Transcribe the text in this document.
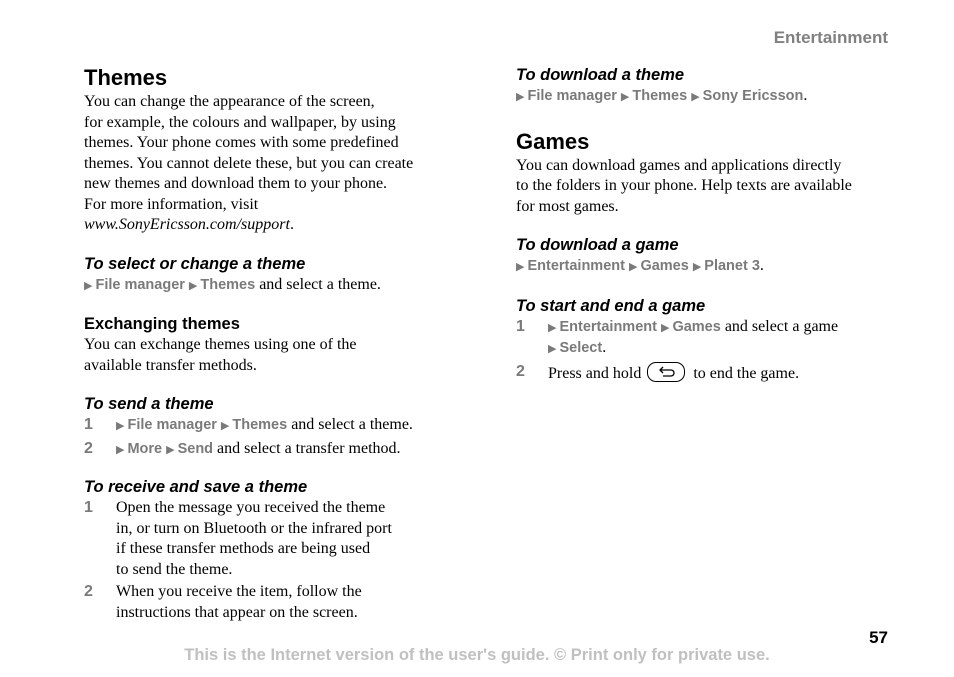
Entertainment
Themes

You can change the appearance of the screen,

for example, the colours and wallpaper, by using

themes. Your phone comes with some predefined

themes. You cannot delete these, but you can create

new themes and download them to your phone.

For more information, visit

www.SonyEricsson.com/support.

To select or change a theme

▶ File manager ▶ Themes and select a theme.

Exchanging themes

You can exchange themes using one of the

available transfer methods.

To send a theme
1	▶ File manager ▶ Themes and select a theme.
2	▶ More ▶ Send and select a transfer method.
To receive and save a theme
1	Open the message you received the theme

in, or turn on Bluetooth or the infrared port

if these transfer methods are being used

to send the theme.

2	When you receive the item, follow the

instructions that appear on the screen.

To download a theme

▶ File manager ▶ Themes ▶ Sony Ericsson.

Games

You can download games and applications directly

to the folders in your phone. Help texts are available

for most games.

To download a game

▶ Entertainment ▶ Games ▶ Planet 3.

To start and end a game
1	▶ Entertainment ▶ Games and select a game
▶ Select.
2	Press and hold	to end the game.
57
This is the Internet version of the user's guide. © Print only for private use.
